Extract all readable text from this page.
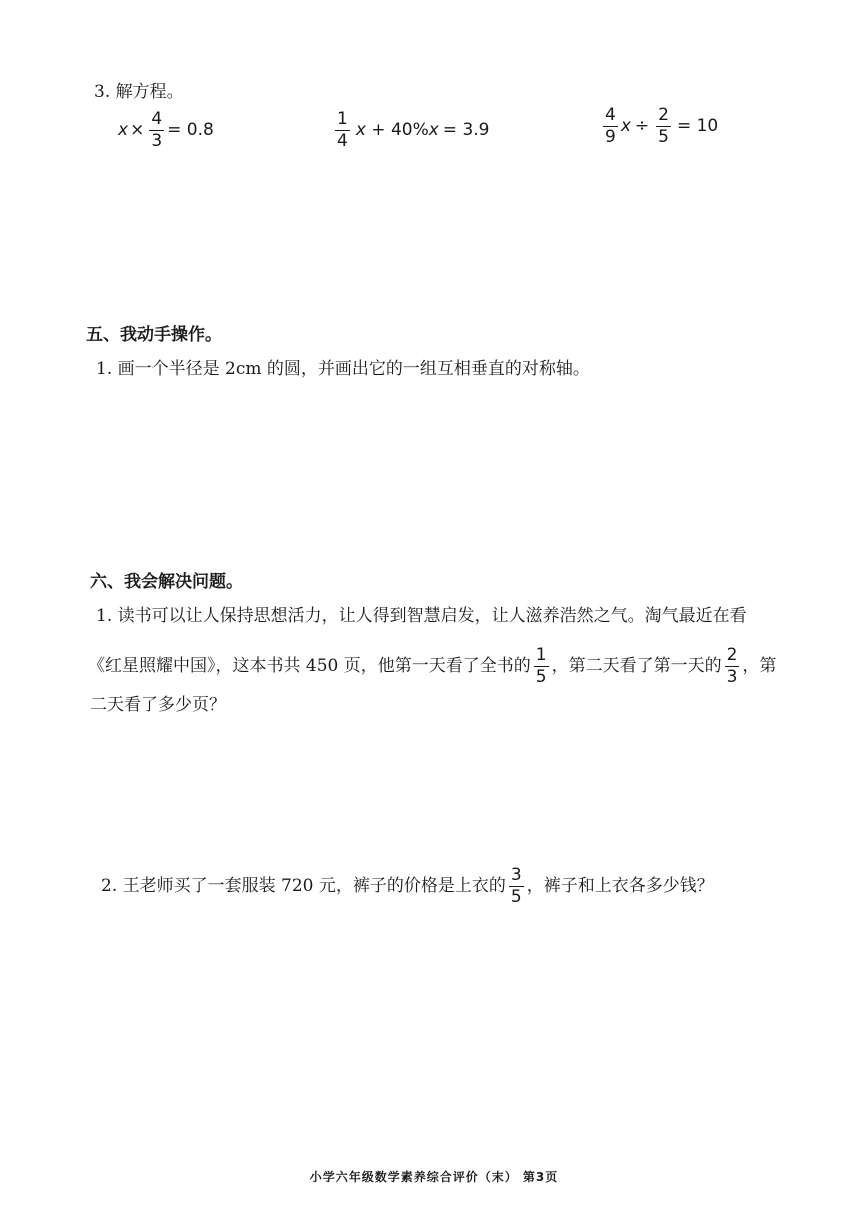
3. 解方程。
$x \times \frac{4}{3} = 0.8$	$\frac{1}{4}$ x + 40% x = 3.9	$\frac{4}{9}$ $x \div \frac{2}{5} = 10$
五、我动手操作。
1. 画一个半径是 2cm 的圆，并画出它的一组互相垂直的对称轴。
六、我会解决问题。
1. 读书可以让人保持思想活力，让人得到智慧启发，让人滋养浩然之气。淘气最近在看
《红星照耀中国》，这本书共 450 页，他第一天看了全书的 $\frac{1}{5}$ ，第二天看了第一天的 $\frac{2}{3}$ ，第
二天看了多少页？
2. 王老师买了一套服装 720 元，裤子的价格是上衣的 $\frac{3}{5}$ ，裤子和上衣各多少钱？
小学六年级数学素养综合评价（末） 第3页
